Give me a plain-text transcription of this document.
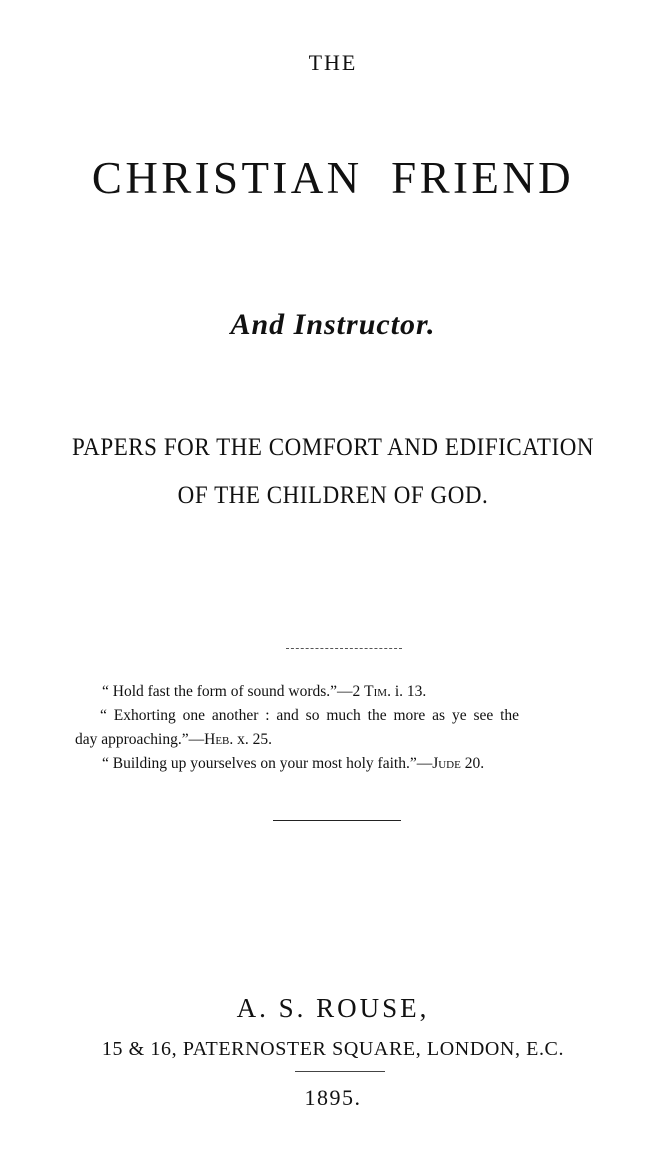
THE
CHRISTIAN FRIEND
And Instructor.
PAPERS FOR THE COMFORT AND EDIFICATION
OF THE CHILDREN OF GOD.
“ Hold fast the form of sound words.”—2 Tim. i. 13.
“ Exhorting one another : and so much the more as ye see the
day approaching.”—Heb. x. 25.
“ Building up yourselves on your most holy faith.”—Jude 20.
A. S. ROUSE,
15 & 16, PATERNOSTER SQUARE, LONDON, E.C.
1895.
